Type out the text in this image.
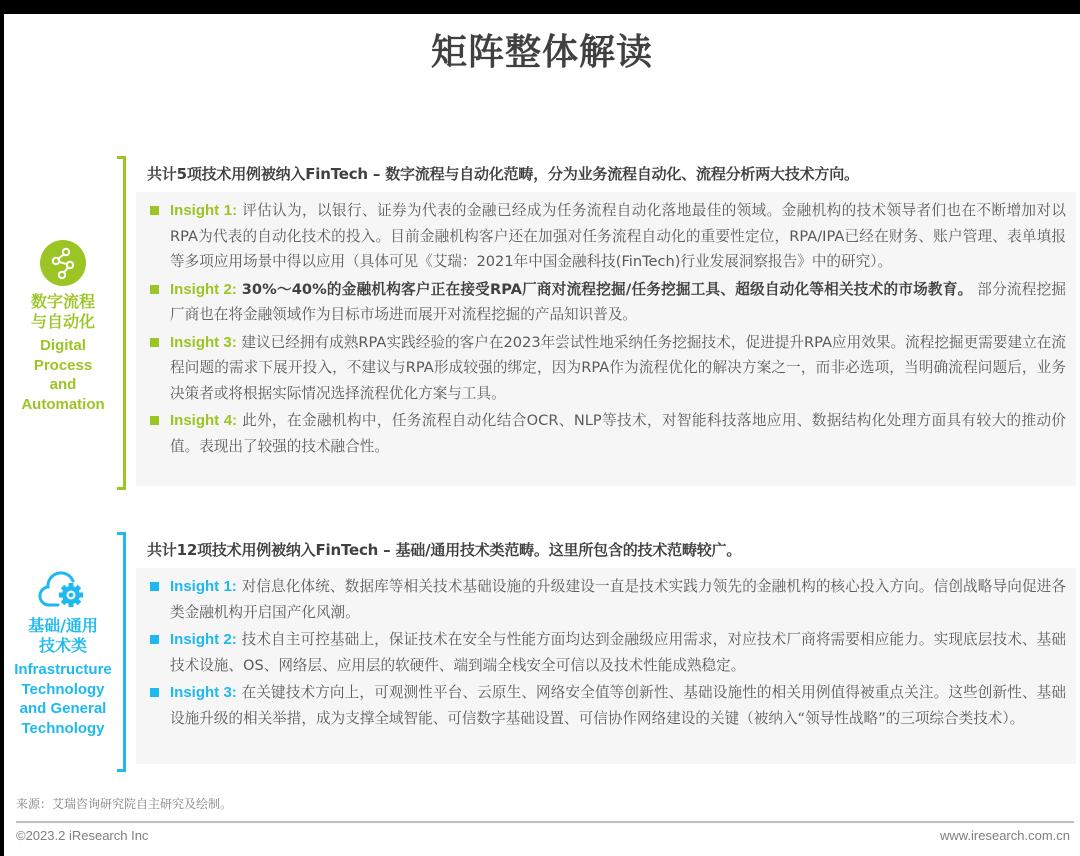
矩阵整体解读
数字流程
与自动化
Digital
Process
and
Automation
共计5项技术用例被纳入FinTech – 数字流程与自动化范畴，分为业务流程自动化、流程分析两大技术方向。
Insight 1: 评估认为，以银行、证券为代表的金融已经成为任务流程自动化落地最佳的领域。金融机构的技术领导者们也在不断增加对以RPA为代表的自动化技术的投入。目前金融机构客户还在加强对任务流程自动化的重要性定位，RPA/IPA已经在财务、账户管理、表单填报等多项应用场景中得以应用（具体可见《艾瑞：2021年中国金融科技(FinTech)行业发展洞察报告》中的研究）。
Insight 2: 30%～40%的金融机构客户正在接受RPA厂商对流程挖掘/任务挖掘工具、超级自动化等相关技术的市场教育。 部分流程挖掘厂商也在将金融领域作为目标市场进而展开对流程挖掘的产品知识普及。
Insight 3: 建议已经拥有成熟RPA实践经验的客户在2023年尝试性地采纳任务挖掘技术，促进提升RPA应用效果。流程挖掘更需要建立在流程问题的需求下展开投入，不建议与RPA形成较强的绑定，因为RPA作为流程优化的解决方案之一，而非必选项，当明确流程问题后，业务决策者或将根据实际情况选择流程优化方案与工具。
Insight 4: 此外，在金融机构中，任务流程自动化结合OCR、NLP等技术，对智能科技落地应用、数据结构化处理方面具有较大的推动价值。表现出了较强的技术融合性。
基础/通用
技术类
Infrastructure
Technology
and General
Technology
共计12项技术用例被纳入FinTech – 基础/通用技术类范畴。这里所包含的技术范畴较广。
Insight 1: 对信息化体统、数据库等相关技术基础设施的升级建设一直是技术实践力领先的金融机构的核心投入方向。信创战略导向促进各类金融机构开启国产化风潮。
Insight 2: 技术自主可控基础上，保证技术在安全与性能方面均达到金融级应用需求，对应技术厂商将需要相应能力。实现底层技术、基础技术设施、OS、网络层、应用层的软硬件、端到端全栈安全可信以及技术性能成熟稳定。
Insight 3: 在关键技术方向上，可观测性平台、云原生、网络安全值等创新性、基础设施性的相关用例值得被重点关注。这些创新性、基础设施升级的相关举措，成为支撑全域智能、可信数字基础设置、可信协作网络建设的关键（被纳入“领导性战略”的三项综合类技术）。
来源：艾瑞咨询研究院自主研究及绘制。
©2023.2 iResearch Inc	www.iresearch.com.cn
